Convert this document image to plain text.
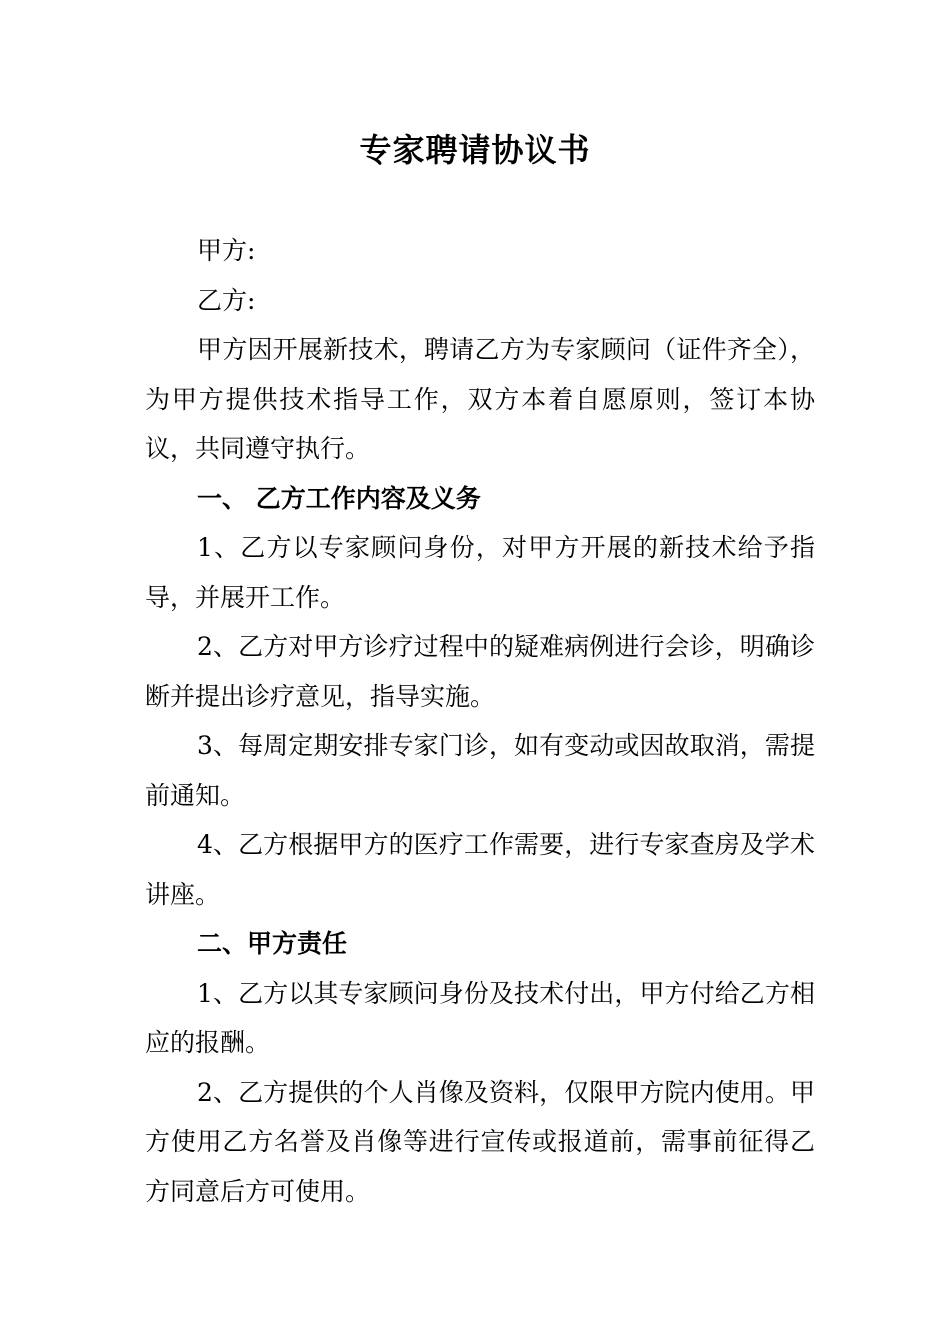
专家聘请协议书

甲方:

乙方:

甲方因开展新技术，聘请乙方为专家顾问（证件齐全），为甲方提供技术指导工作，双方本着自愿原则，签订本协议，共同遵守执行。

一、 乙方工作内容及义务

1、乙方以专家顾问身份，对甲方开展的新技术给予指导，并展开工作。

2、乙方对甲方诊疗过程中的疑难病例进行会诊，明确诊断并提出诊疗意见，指导实施。

3、每周定期安排专家门诊，如有变动或因故取消，需提前通知。

4、乙方根据甲方的医疗工作需要，进行专家查房及学术讲座。

二、甲方责任

1、乙方以其专家顾问身份及技术付出，甲方付给乙方相应的报酬。

2、乙方提供的个人肖像及资料，仅限甲方院内使用。甲方使用乙方名誉及肖像等进行宣传或报道前，需事前征得乙方同意后方可使用。
